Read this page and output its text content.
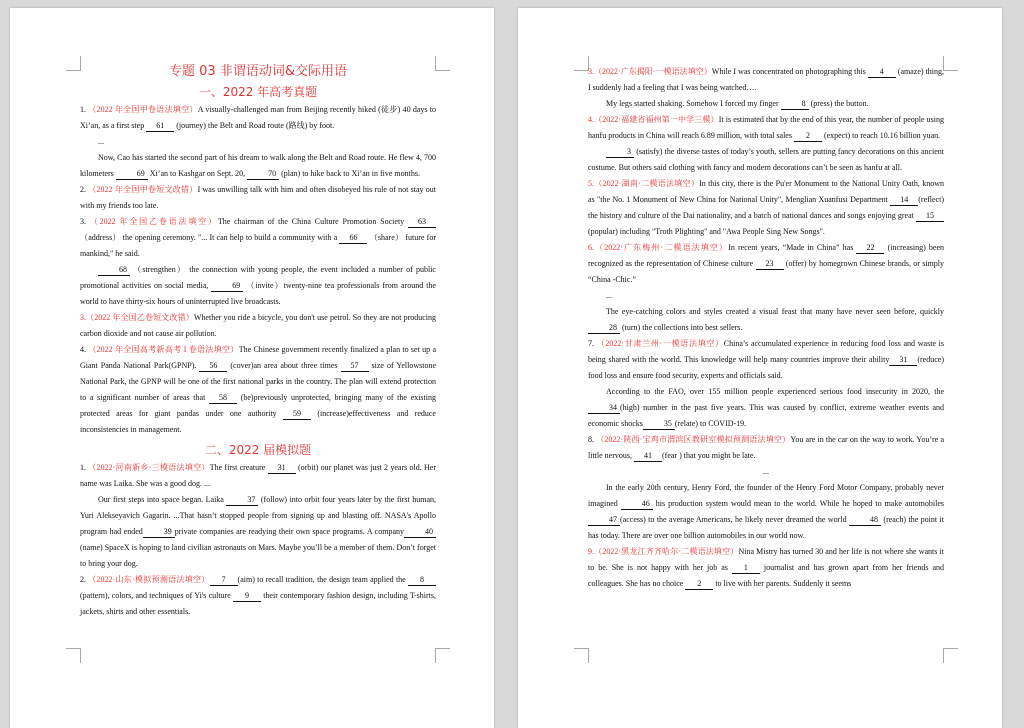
专题 03 非谓语动词&交际用语
一、2022 年高考真题

1. （2022 年全国甲卷语法填空）A visually-challenged man from Beijing recently hiked (徒步) 40 days to Xi’an, as a first step 61 (journey) the Belt and Road route (路线) by foot.

...

Now, Cao has started the second part of his dream to walk along the Belt and Road route. He flew 4, 700 kilometers	69 Xi’an to Kashgar on Sept. 20,	70 (plan) to hike back to Xi’an in five months.

2. （2022 年全国甲卷短文改错）I was unwilling talk with him and often disobeyed his rule of not stay out with my friends too late.

3. （2022 年全国乙卷语法填空）The chairman of the China Culture Promotion Society 63 （address） the opening ceremony. "... It can help to build a community with a 66 （share） future for mankind," he said.

68 （strengthen） the connection with young people, the event included a number of public promotional activities on social media,	69 （invite）twenty-nine tea professionals from around the world to have thirty-six hours of uninterrupted live broadcasts.

3.（2022 年全国乙卷短文改错）Whether you ride a bicycle, you don't use petrol. So they are not producing carbon dioxide and not cause air pollution.

4. （2022 年全国高考新高考 I 卷语法填空）The Chinese government recently finalized a plan to set up a Giant Panda National Park(GPNP). 56 (cover)an area about three times 57 size of Yellowstone National Park, the GPNP will be one of the first national parks in the country. The plan will extend protection to a significant number of areas that 58 (be)previously unprotected, bringing many of the existing protected areas for giant pandas under one authority 59 (increase)effectiveness and reduce inconsistencies in management.

二、2022 届模拟题

1. （2022·河南新乡·三模语法填空）The first creature 31 (orbit) our planet was just 2 years old. Her name was Laika. She was a good dog. ...

Our first steps into space began. Laika	37 (follow) into orbit four years later by the first human, Yuri Alekseyavich Gagarin. ...That hasn’t stopped people from signing up and blasting off. NASA's Apollo program had ended	39 private companies are readying their own space programs. A company	40(name) SpaceX is hoping to land civilian astronauts on Mars. Maybe you’ll be a member of them. Don’t forget to bring your dog.

2. （2022·山东·模拟预测语法填空） 7 (aim) to recall tradition, the design team applied the 8 (pattern), colors, and techniques of Yi's culture 9 their contemporary fashion design, including T-shirts, jackets, shirts and other essentials.

3.（2022·广东揭阳·一模语法填空）While I was concentrated on photographing this 4 (amaze) thing, I suddenly had a feeling that I was being watched….

My legs started shaking. Somehow I forced my finger	8 (press) the button.

4.（2022·福建省福州第一中学三模）It is estimated that by the end of this year, the number of people using hanfu products in China will reach 6.89 million, with total sales 2 (expect) to reach 10.16 billion yuan.

3 (satisfy) the diverse tastes of today’s youth, sellers are putting fancy decorations on this ancient costume. But others said clothing with fancy and modern decorations can’t be seen as hanfu at all.

5.（2022·湖南·二模语法填空）In this city, there is the Pu'er Monument to the National Unity Oath, known as "the No. 1 Monument of New China for National Unity", Menglian Xuanfusi Department 14 (reflect) the history and culture of the Dai nationality, and a batch of national dances and songs enjoying great 15(popular) including "Troth Plighting" and "Awa People Sing New Songs".

6.（2022·广东梅州·二模语法填空）In recent years, “Made in China” has 22 (increasing) been recognized as the representation of Chinese culture 23 (offer) by homegrown Chinese brands, or simply “China -Chic.”

...

The eye-catching colors and styles created a visual feast that many have never seen before, quickly 28 (turn) the collections into best sellers.

7. （2022·甘肃兰州·一模语法填空）China’s accumulated experience in reducing food loss and waste is being shared with the world. This knowledge will help many countries improve their ability 31 (reduce) food loss and ensure food security, experts and officials said.

According to the FAO, over 155 million people experienced serious food insecurity in 2020, the34 (high) number in the past five years. This was caused by conflict, extreme weather events and economic shocks	35 (relate) to COVID-19.

8. （2022·陕西·宝鸡市渭滨区教研室模拟预测语法填空）You are in the car on the way to work. You’re a little nervous, 41 (fear ) that you might be late.

...

In the early 20th century, Henry Ford, the founder of the Henry Ford Motor Company, probably never imagined	46 his production system would mean to the world. While he hoped to make automobiles47 (access) to the average Americans, he likely never dreamed the world	48 (reach) the point it has today. There are over one billion automobiles in our world now.

9.（2022·黑龙江齐齐哈尔·二模语法填空）Nina Mistry has turned 30 and her life is not where she wants it to be. She is not happy with her job as 1 journalist and has grown apart from her friends and colleagues. She has no choice 2 to live with her parents. Suddenly it seems
